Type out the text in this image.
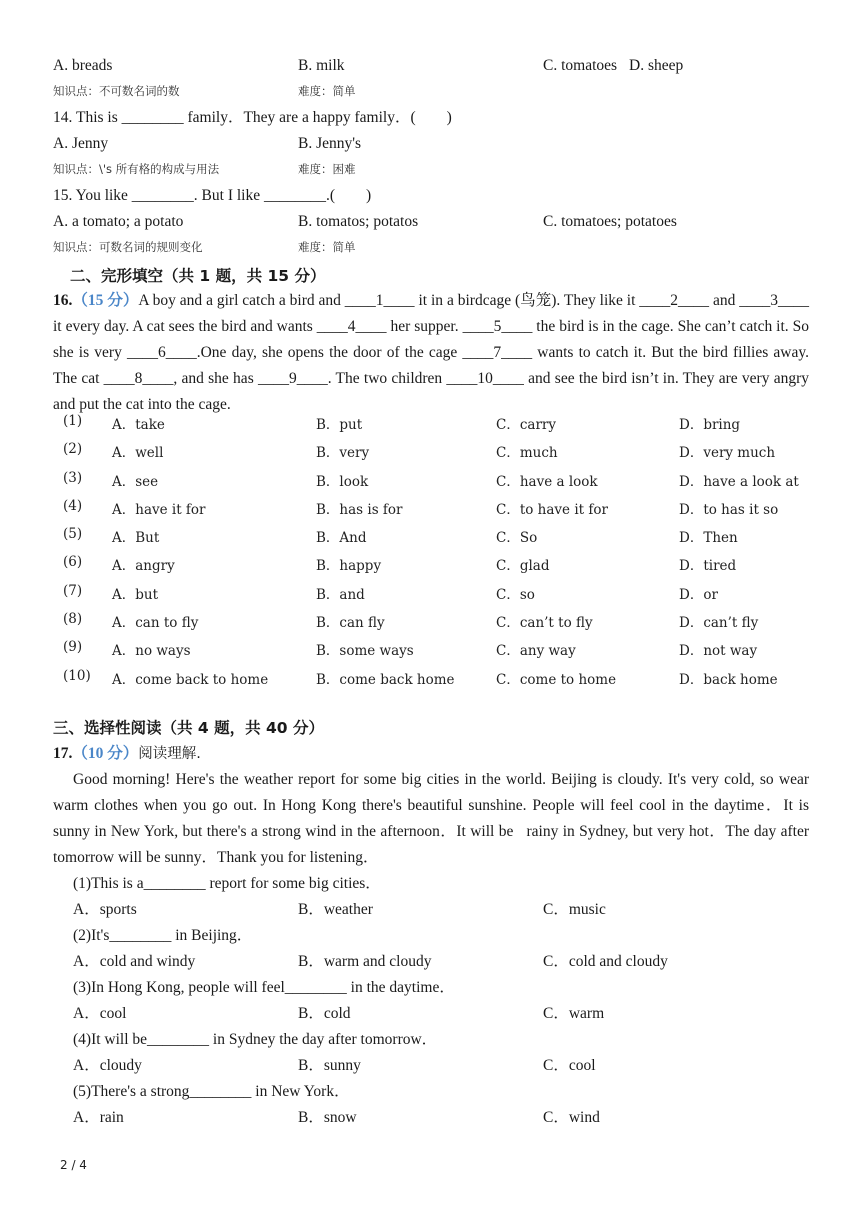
A. breads	B. milk	C. tomatoes D. sheep
知识点：不可数名词的数	难度：简单
14. This is ________ family．They are a happy family．(　　)
A. Jenny	B. Jenny's
知识点：\'s 所有格的构成与用法	难度：困难
15. You like ________. But I like ________.(　　)
A. a tomato; a potato	B. tomatos; potatos	C. tomatoes; potatoes
知识点：可数名词的规则变化	难度：简单
二、完形填空（共 1 题，共 15 分）
16.（15 分）A boy and a girl catch a bird and ____1____ it in a birdcage (鸟笼). They like it ____2____ and ____3____ it every day. A cat sees the bird and wants ____4____ her supper. ____5____ the bird is in the cage. She can’t catch it. So she is very ____6____.One day, she opens the door of the cage ____7____ wants to catch it. But the bird fillies away. The cat ____8____, and she has ____9____. The two children ____10____ and see the bird isn’t in. They are very angry and put the cat into the cage.
(1) A．take	B．put	C．carry	D．bring
(2) A．well	B．very	C．much	D．very much
(3) A．see	B．look	C．have a look	D．have a look at
(4) A．have it for	B．has is for	C．to have it for	D．to has it so
(5) A．But	B．And	C．So	D．Then
(6) A．angry	B．happy	C．glad	D．tired
(7) A．but	B．and	C．so	D．or
(8) A．can to fly	B．can fly	C．can’t to fly	D．can’t fly
(9) A．no ways	B．some ways	C．any way	D．not way
(10) A．come back to home	B．come back home	C．come to home	D．back home
三、选择性阅读（共 4 题，共 40 分）
17.（10 分）阅读理解.
Good morning! Here's the weather report for some big cities in the world. Beijing is cloudy. It's very cold, so wear warm clothes when you go out. In Hong Kong there's beautiful sunshine. People will feel cool in the daytime．It is sunny in New York, but there's a strong wind in the afternoon．It will be   rainy in Sydney, but very hot．The day after tomorrow will be sunny．Thank you for listening．
(1)This is a________ report for some big cities．
A．sports	B．weather	C．music
(2)It's________ in Beijing．
A．cold and windy	B．warm and cloudy	C．cold and cloudy
(3)In Hong Kong, people will feel________ in the daytime．
A．cool	B．cold	C．warm
(4)It will be________ in Sydney the day after tomorrow．
A．cloudy	B．sunny	C．cool
(5)There's a strong________ in New York．
A．rain	B．snow	C．wind
2 / 4
